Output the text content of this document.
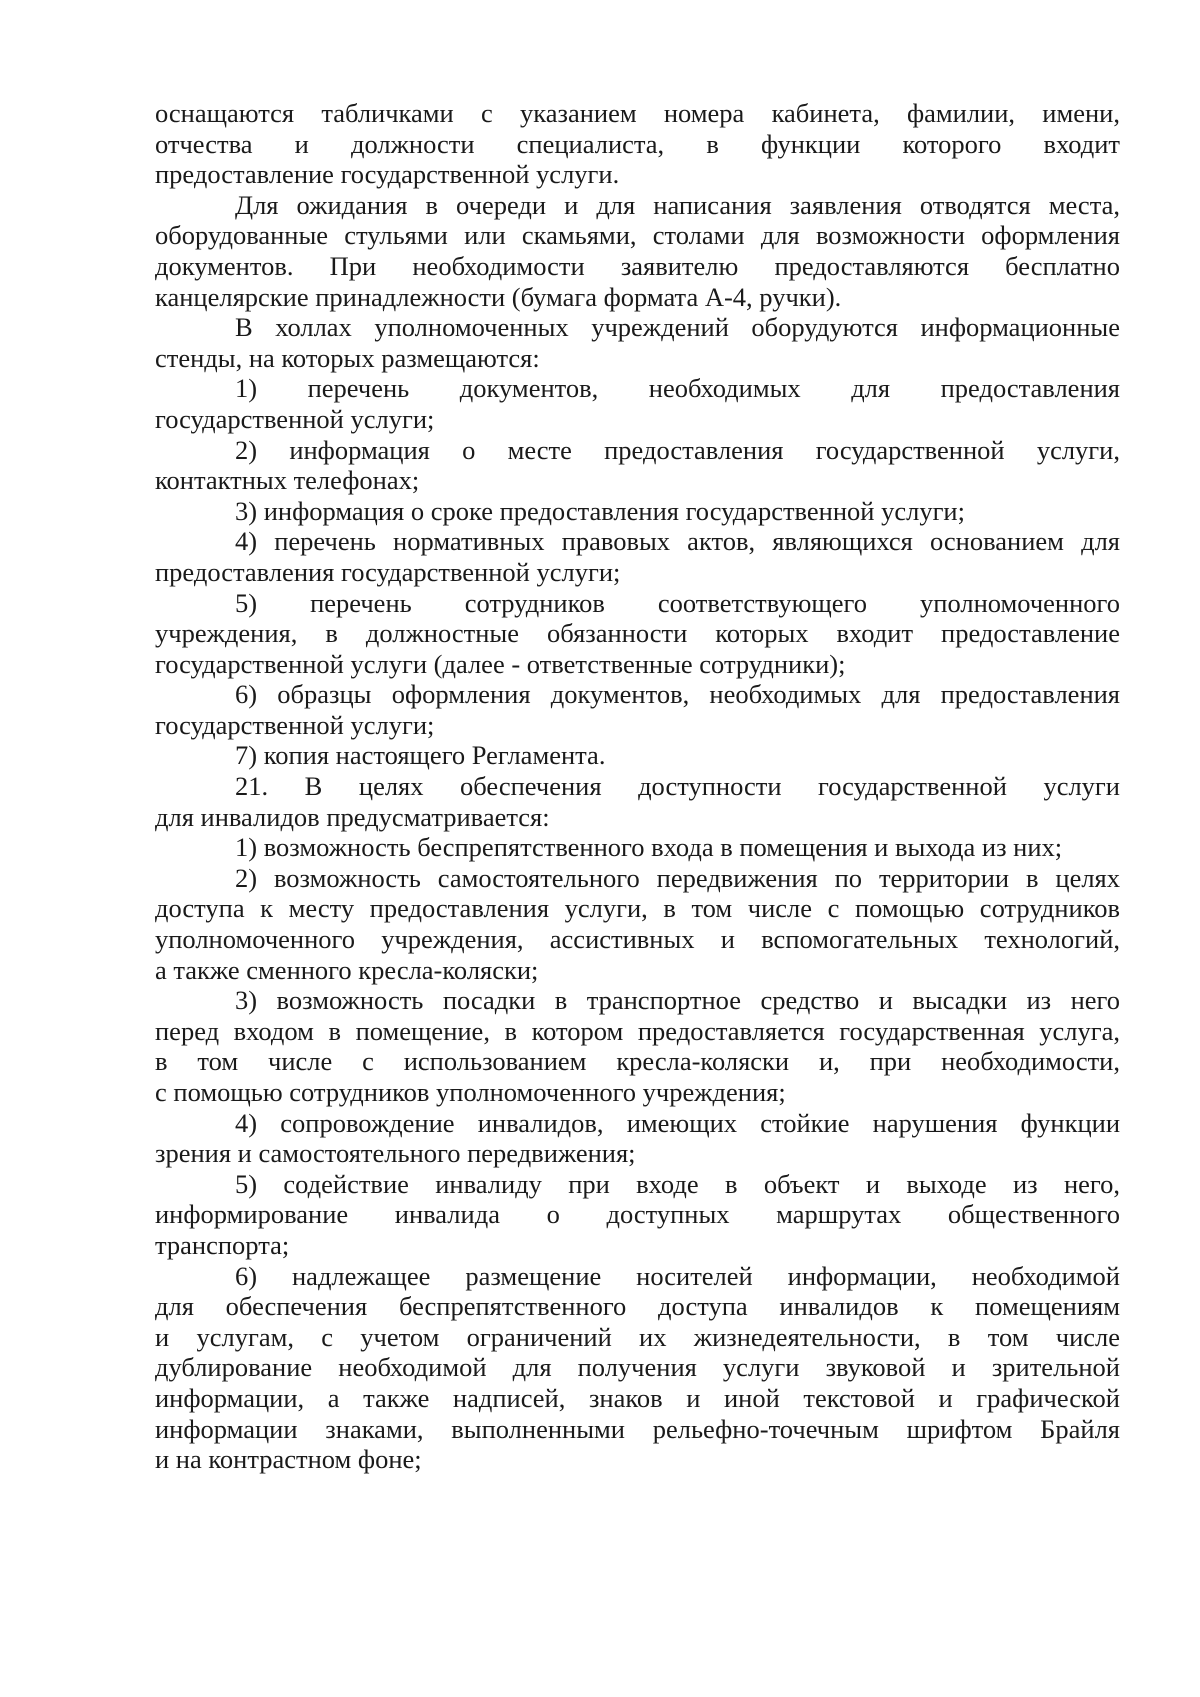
оснащаются табличками с указанием номера кабинета, фамилии, имени,
отчества и должности специалиста, в функции которого входит
предоставление государственной услуги.
Для ожидания в очереди и для написания заявления отводятся места,
оборудованные стульями или скамьями, столами для возможности оформления
документов. При необходимости заявителю предоставляются бесплатно
канцелярские принадлежности (бумага формата А-4, ручки).
В холлах уполномоченных учреждений оборудуются информационные
стенды, на которых размещаются:
1) перечень документов, необходимых для предоставления
государственной услуги;
2) информация о месте предоставления государственной услуги,
контактных телефонах;
3) информация о сроке предоставления государственной услуги;
4) перечень нормативных правовых актов, являющихся основанием для
предоставления государственной услуги;
5) перечень сотрудников соответствующего уполномоченного
учреждения, в должностные обязанности которых входит предоставление
государственной услуги (далее - ответственные сотрудники);
6) образцы оформления документов, необходимых для предоставления
государственной услуги;
7) копия настоящего Регламента.
21. В целях обеспечения доступности государственной услуги
для инвалидов предусматривается:
1) возможность беспрепятственного входа в помещения и выхода из них;
2) возможность самостоятельного передвижения по территории в целях
доступа к месту предоставления услуги, в том числе с помощью сотрудников
уполномоченного учреждения, ассистивных и вспомогательных технологий,
а также сменного кресла-коляски;
3) возможность посадки в транспортное средство и высадки из него
перед входом в помещение, в котором предоставляется государственная услуга,
в том числе с использованием кресла-коляски и, при необходимости,
с помощью сотрудников уполномоченного учреждения;
4) сопровождение инвалидов, имеющих стойкие нарушения функции
зрения и самостоятельного передвижения;
5) содействие инвалиду при входе в объект и выходе из него,
информирование инвалида о доступных маршрутах общественного
транспорта;
6) надлежащее размещение носителей информации, необходимой
для обеспечения беспрепятственного доступа инвалидов к помещениям
и услугам, с учетом ограничений их жизнедеятельности, в том числе
дублирование необходимой для получения услуги звуковой и зрительной
информации, а также надписей, знаков и иной текстовой и графической
информации знаками, выполненными рельефно-точечным шрифтом Брайля
и на контрастном фоне;
